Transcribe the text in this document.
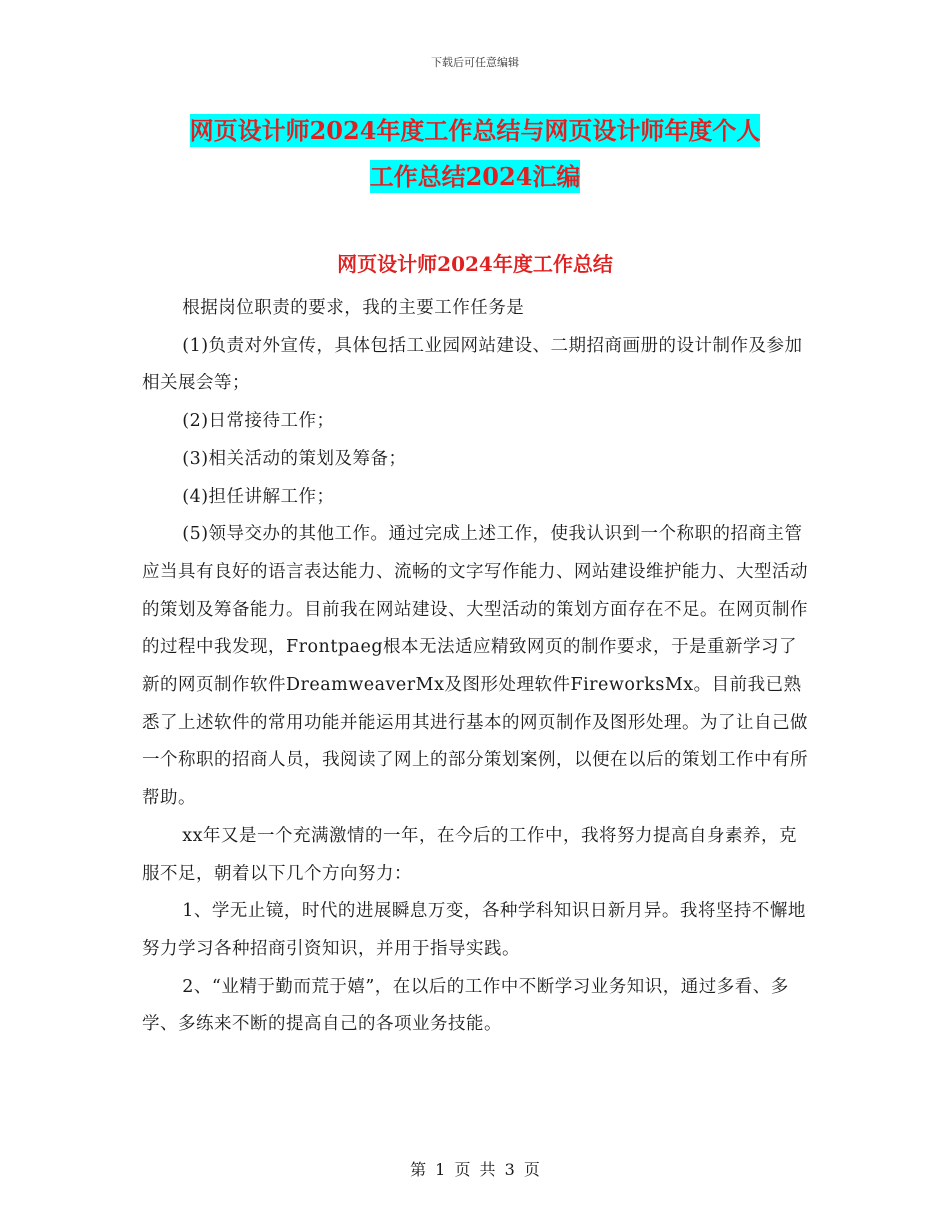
下载后可任意编辑
网页设计师2024年度工作总结与网页设计师年度个人
工作总结2024汇编
网页设计师2024年度工作总结

根据岗位职责的要求，我的主要工作任务是

(1)负责对外宣传，具体包括工业园网站建设、二期招商画册的设计制作及参加相关展会等；

(2)日常接待工作；

(3)相关活动的策划及筹备；

(4)担任讲解工作；

(5)领导交办的其他工作。通过完成上述工作，使我认识到一个称职的招商主管应当具有良好的语言表达能力、流畅的文字写作能力、网站建设维护能力、大型活动的策划及筹备能力。目前我在网站建设、大型活动的策划方面存在不足。在网页制作的过程中我发现，Frontpaeg根本无法适应精致网页的制作要求，于是重新学习了新的网页制作软件DreamweaverMx及图形处理软件FireworksMx。目前我已熟悉了上述软件的常用功能并能运用其进行基本的网页制作及图形处理。为了让自己做一个称职的招商人员，我阅读了网上的部分策划案例，以便在以后的策划工作中有所帮助。

xx年又是一个充满激情的一年，在今后的工作中，我将努力提高自身素养，克服不足，朝着以下几个方向努力：

1、学无止镜，时代的进展瞬息万变，各种学科知识日新月异。我将坚持不懈地努力学习各种招商引资知识，并用于指导实践。

2、“业精于勤而荒于嬉”，在以后的工作中不断学习业务知识，通过多看、多学、多练来不断的提高自己的各项业务技能。

第 1 页 共 3 页
